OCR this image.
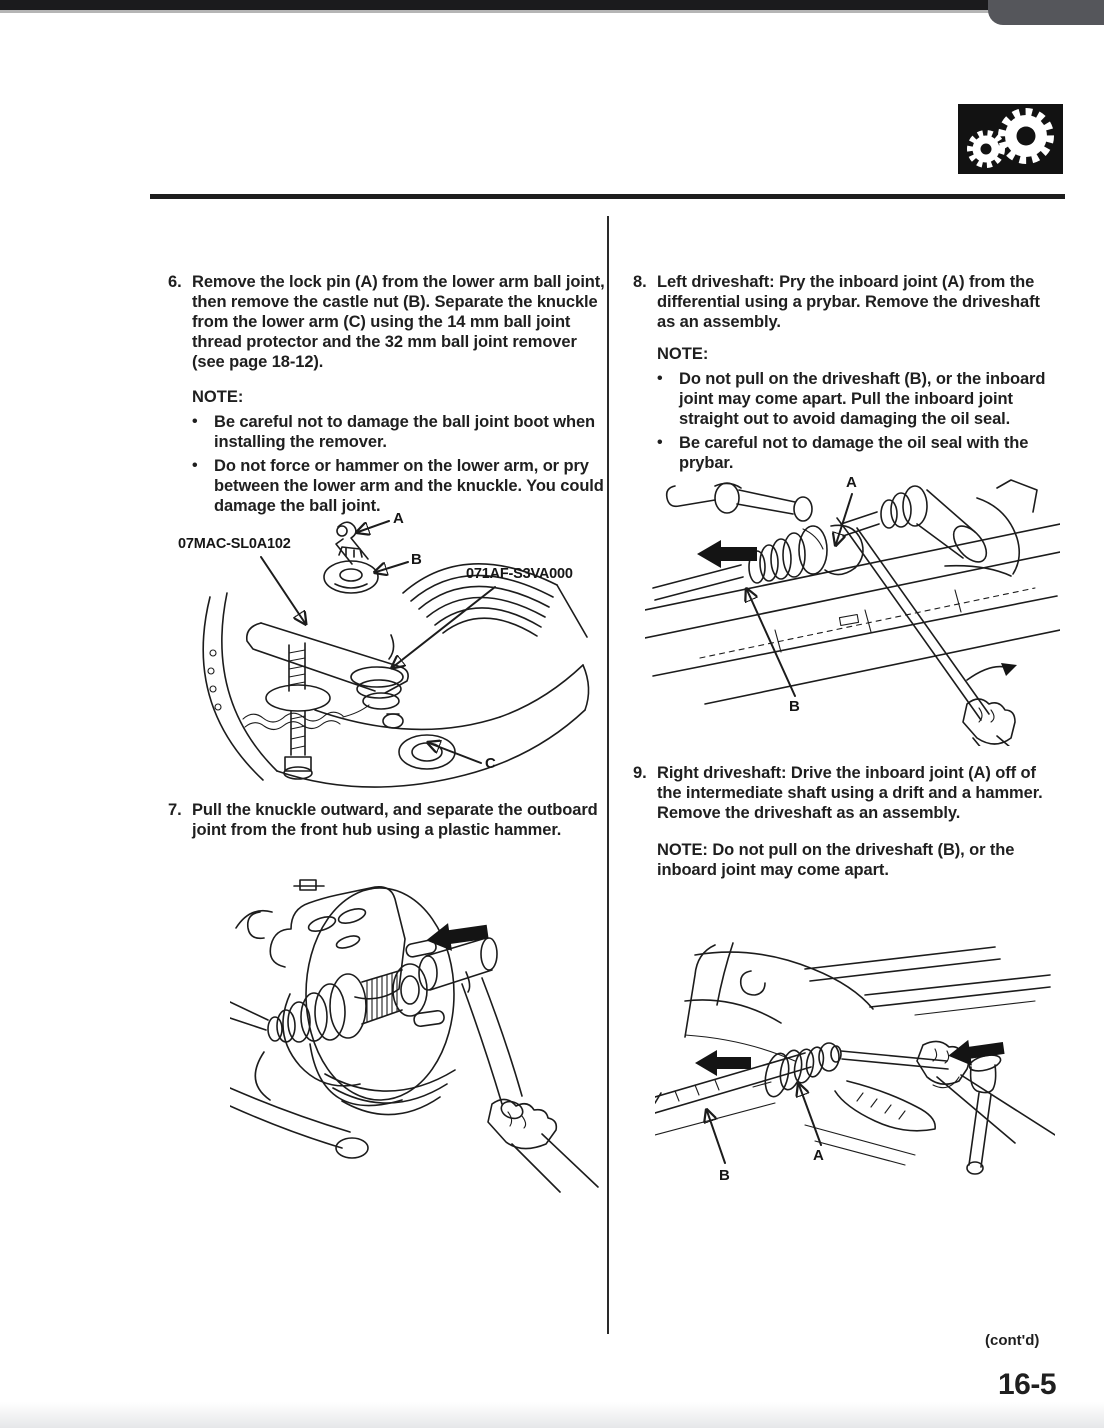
6. Remove the lock pin (A) from the lower arm ball joint, then remove the castle nut (B). Separate the knuckle from the lower arm (C) using the 14 mm ball joint thread protector and the 32 mm ball joint remover (see page 18-12).
NOTE:
• Be careful not to damage the ball joint boot when installing the remover.
• Do not force or hammer on the lower arm, or pry between the lower arm and the knuckle. You could damage the ball joint.
A
B
C
07MAC-SL0A102
071AF-S3VA000
7. Pull the knuckle outward, and separate the outboard joint from the front hub using a plastic hammer.
8. Left driveshaft: Pry the inboard joint (A) from the differential using a prybar. Remove the driveshaft as an assembly.
NOTE:
• Do not pull on the driveshaft (B), or the inboard joint may come apart. Pull the inboard joint straight out to avoid damaging the oil seal.
• Be careful not to damage the oil seal with the prybar.
A
B
9. Right driveshaft: Drive the inboard joint (A) off of the intermediate shaft using a drift and a hammer. Remove the driveshaft as an assembly.
NOTE: Do not pull on the driveshaft (B), or the inboard joint may come apart.
A
B
(cont'd)
16-5
